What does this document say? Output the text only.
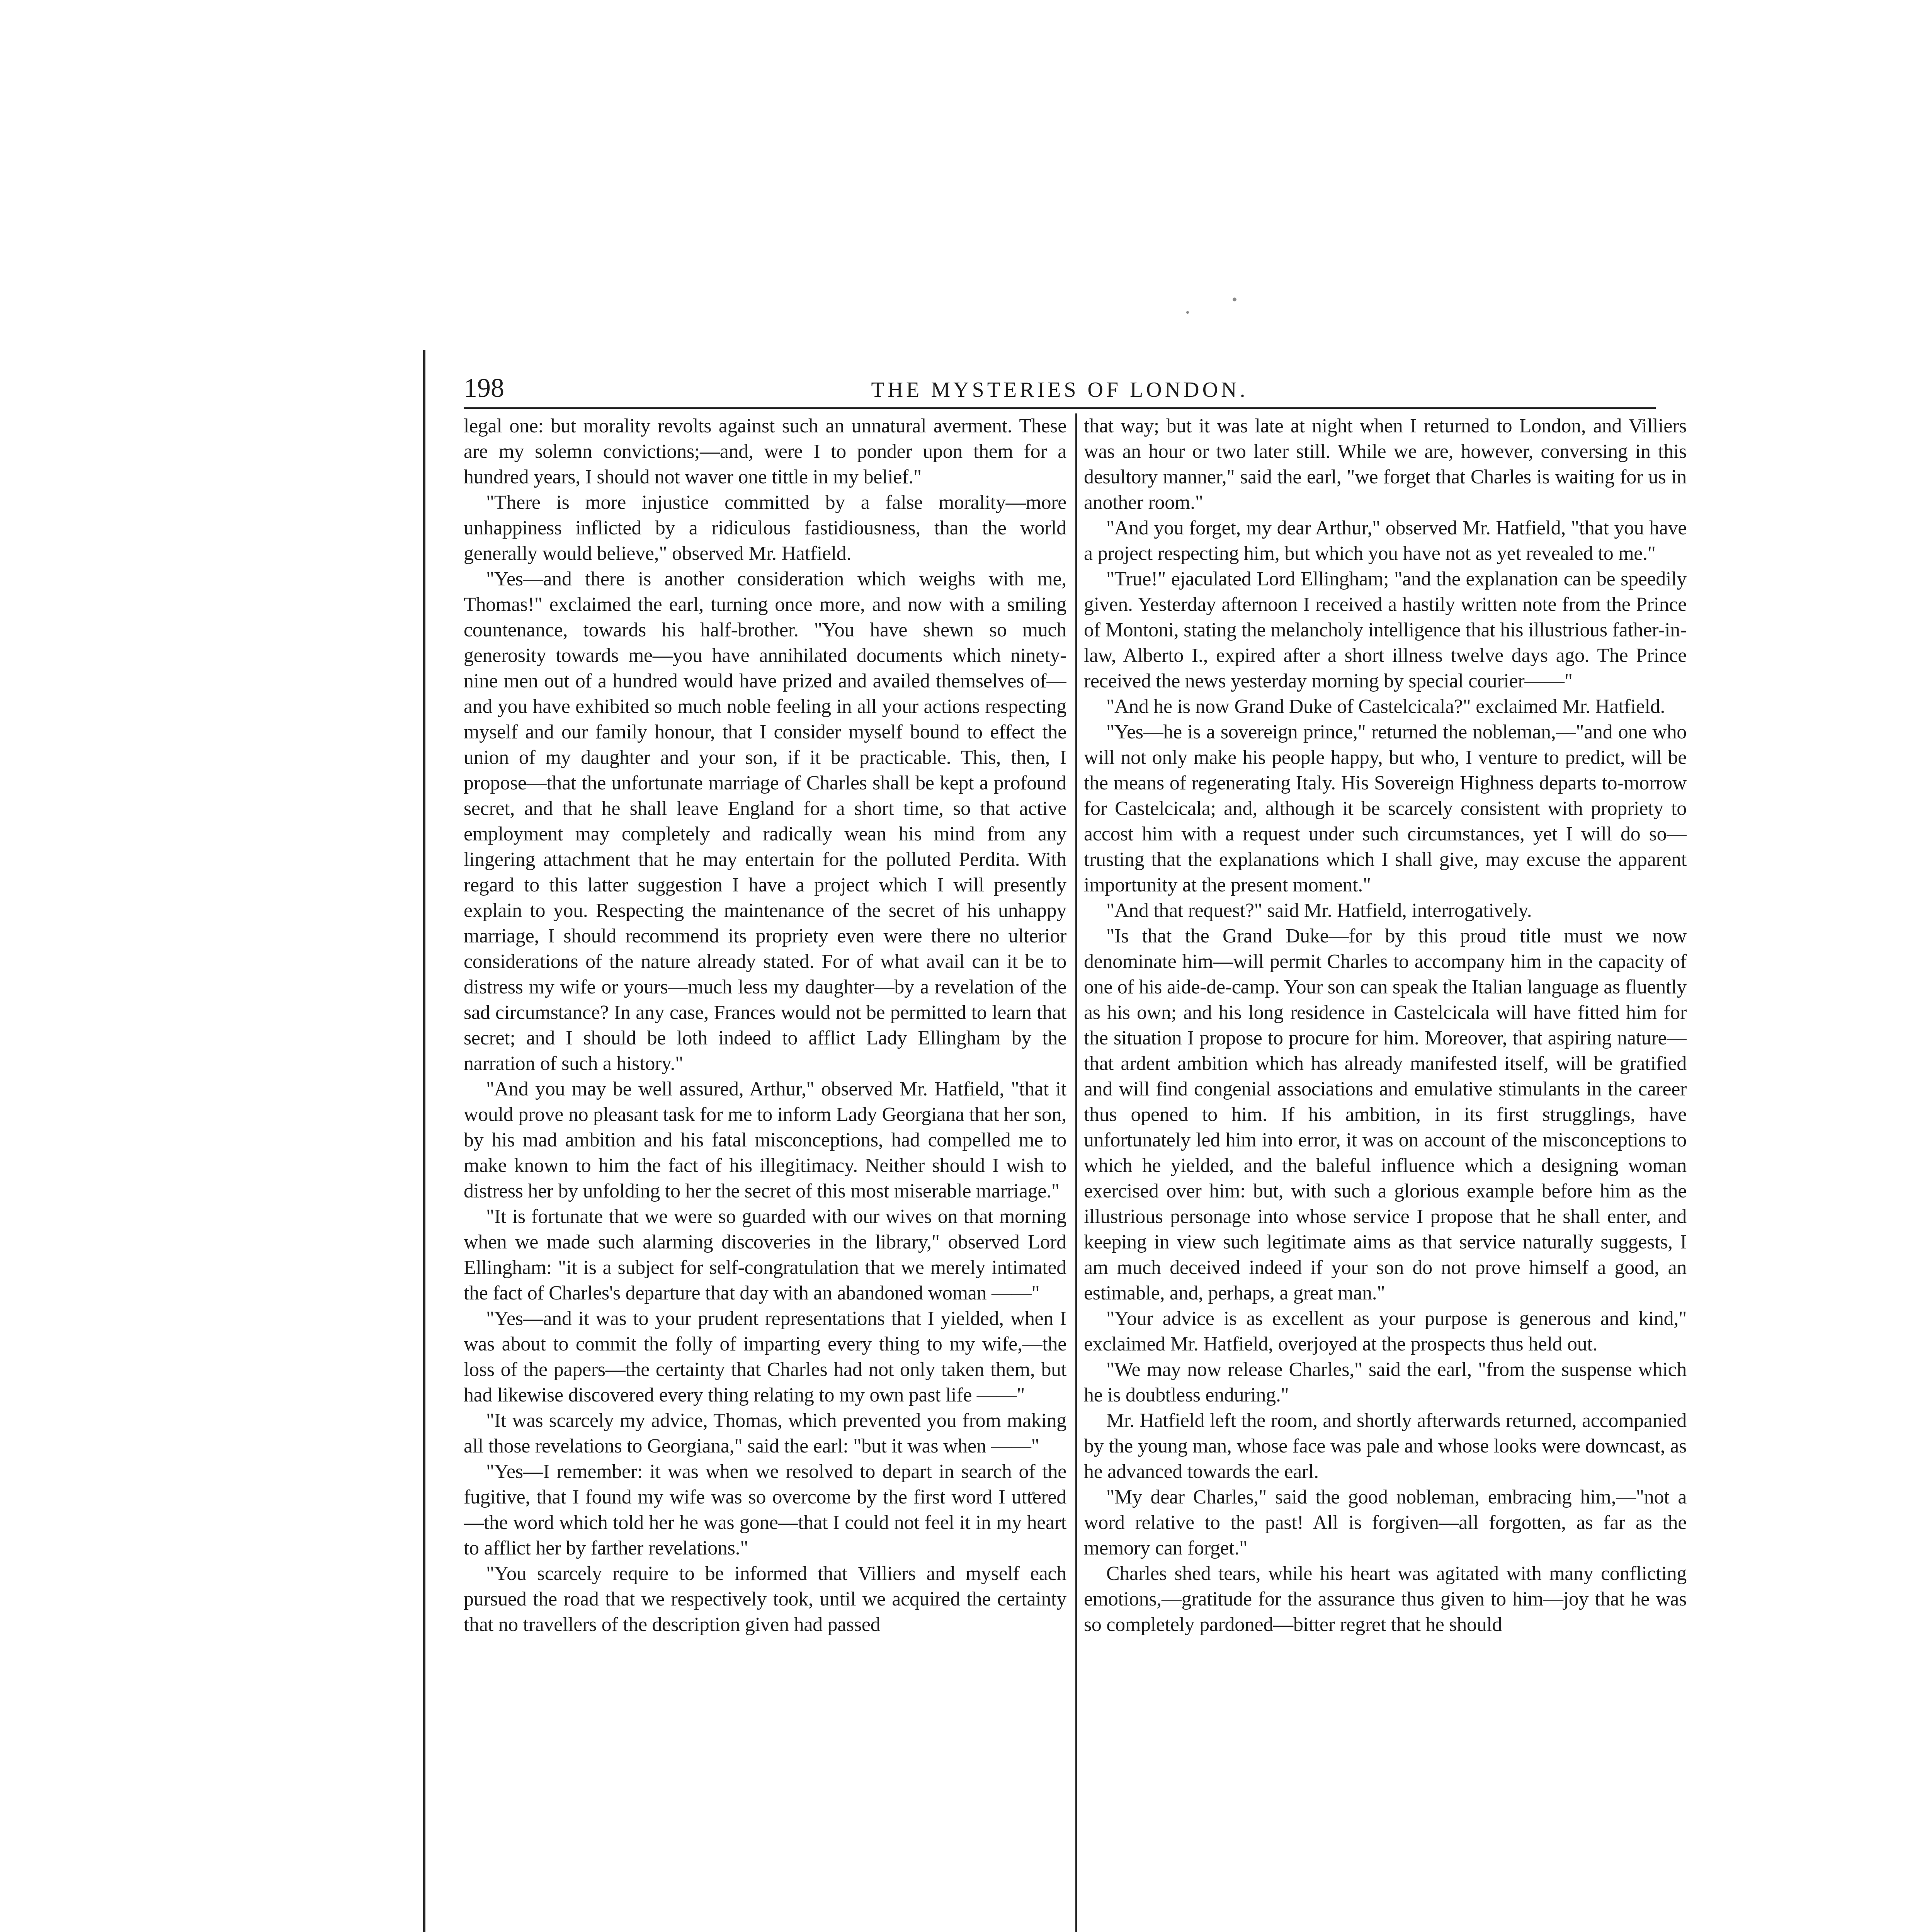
198	THE MYSTERIES OF LONDON.

legal one: but morality revolts against such an unnatural averment. These are my solemn convictions;—and, were I to ponder upon them for a hundred years, I should not waver one tittle in my belief."

"There is more injustice committed by a false morality—more unhappiness inflicted by a ridiculous fastidiousness, than the world generally would believe," observed Mr. Hatfield.

"Yes—and there is another consideration which weighs with me, Thomas!" exclaimed the earl, turning once more, and now with a smiling countenance, towards his half-brother. "You have shewn so much generosity towards me—you have annihilated documents which ninety-nine men out of a hundred would have prized and availed themselves of—and you have exhibited so much noble feeling in all your actions respecting myself and our family honour, that I consider myself bound to effect the union of my daughter and your son, if it be practicable. This, then, I propose—that the unfortunate marriage of Charles shall be kept a profound secret, and that he shall leave England for a short time, so that active employment may completely and radically wean his mind from any lingering attachment that he may entertain for the polluted Perdita. With regard to this latter suggestion I have a project which I will presently explain to you. Respecting the maintenance of the secret of his unhappy marriage, I should recommend its propriety even were there no ulterior considerations of the nature already stated. For of what avail can it be to distress my wife or yours—much less my daughter—by a revelation of the sad circumstance? In any case, Frances would not be permitted to learn that secret; and I should be loth indeed to afflict Lady Ellingham by the narration of such a history."

"And you may be well assured, Arthur," observed Mr. Hatfield, "that it would prove no pleasant task for me to inform Lady Georgiana that her son, by his mad ambition and his fatal misconceptions, had compelled me to make known to him the fact of his illegitimacy. Neither should I wish to distress her by unfolding to her the secret of this most miserable marriage."

"It is fortunate that we were so guarded with our wives on that morning when we made such alarming discoveries in the library," observed Lord Ellingham: "it is a subject for self-congratulation that we merely intimated the fact of Charles's departure that day with an abandoned woman ——"

"Yes—and it was to your prudent representations that I yielded, when I was about to commit the folly of imparting every thing to my wife,—the loss of the papers—the certainty that Charles had not only taken them, but had likewise discovered every thing relating to my own past life ——"

"It was scarcely my advice, Thomas, which prevented you from making all those revelations to Georgiana," said the earl: "but it was when ——"

"Yes—I remember: it was when we resolved to depart in search of the fugitive, that I found my wife was so overcome by the first word I uttered—the word which told her he was gone—that I could not feel it in my heart to afflict her by farther revelations."

"You scarcely require to be informed that Villiers and myself each pursued the road that we respectively took, until we acquired the certainty that no travellers of the description given had passed

that way; but it was late at night when I returned to London, and Villiers was an hour or two later still. While we are, however, conversing in this desultory manner," said the earl, "we forget that Charles is waiting for us in another room."

"And you forget, my dear Arthur," observed Mr. Hatfield, "that you have a project respecting him, but which you have not as yet revealed to me."

"True!" ejaculated Lord Ellingham; "and the explanation can be speedily given. Yesterday afternoon I received a hastily written note from the Prince of Montoni, stating the melancholy intelligence that his illustrious father-in-law, Alberto I., expired after a short illness twelve days ago. The Prince received the news yesterday morning by special courier——"

"And he is now Grand Duke of Castelcicala?" exclaimed Mr. Hatfield.

"Yes—he is a sovereign prince," returned the nobleman,—"and one who will not only make his people happy, but who, I venture to predict, will be the means of regenerating Italy. His Sovereign Highness departs to-morrow for Castelcicala; and, although it be scarcely consistent with propriety to accost him with a request under such circumstances, yet I will do so—trusting that the explanations which I shall give, may excuse the apparent importunity at the present moment."

"And that request?" said Mr. Hatfield, interrogatively.

"Is that the Grand Duke—for by this proud title must we now denominate him—will permit Charles to accompany him in the capacity of one of his aide-de-camp. Your son can speak the Italian language as fluently as his own; and his long residence in Castelcicala will have fitted him for the situation I propose to procure for him. Moreover, that aspiring nature—that ardent ambition which has already manifested itself, will be gratified and will find congenial associations and emulative stimulants in the career thus opened to him. If his ambition, in its first strugglings, have unfortunately led him into error, it was on account of the misconceptions to which he yielded, and the baleful influence which a designing woman exercised over him: but, with such a glorious example before him as the illustrious personage into whose service I propose that he shall enter, and keeping in view such legitimate aims as that service naturally suggests, I am much deceived indeed if your son do not prove himself a good, an estimable, and, perhaps, a great man."

"Your advice is as excellent as your purpose is generous and kind," exclaimed Mr. Hatfield, overjoyed at the prospects thus held out.

"We may now release Charles," said the earl, "from the suspense which he is doubtless enduring."

Mr. Hatfield left the room, and shortly afterwards returned, accompanied by the young man, whose face was pale and whose looks were downcast, as he advanced towards the earl.

"My dear Charles," said the good nobleman, embracing him,—"not a word relative to the past! All is forgiven—all forgotten, as far as the memory can forget."

Charles shed tears, while his heart was agitated with many conflicting emotions,—gratitude for the assurance thus given to him—joy that he was so completely pardoned—bitter regret that he should
